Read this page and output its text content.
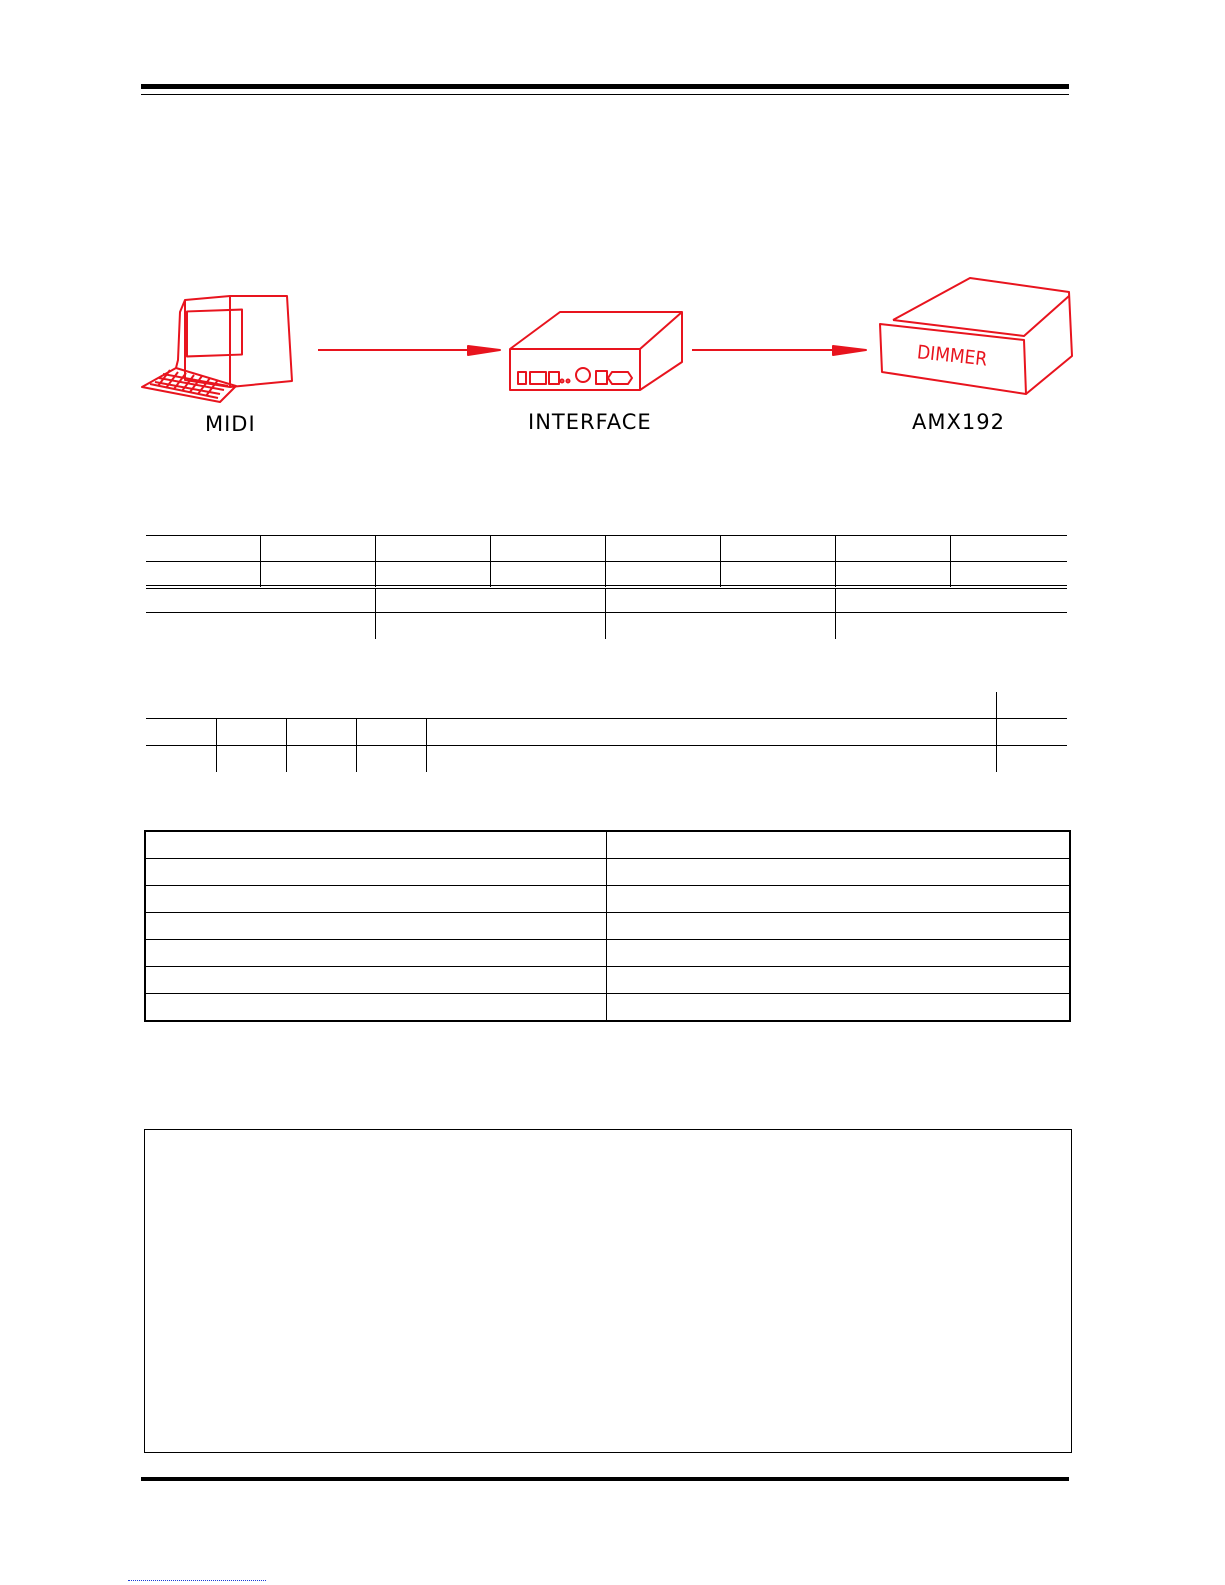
DIMMER
MIDI	INTERFACE	AMX192
